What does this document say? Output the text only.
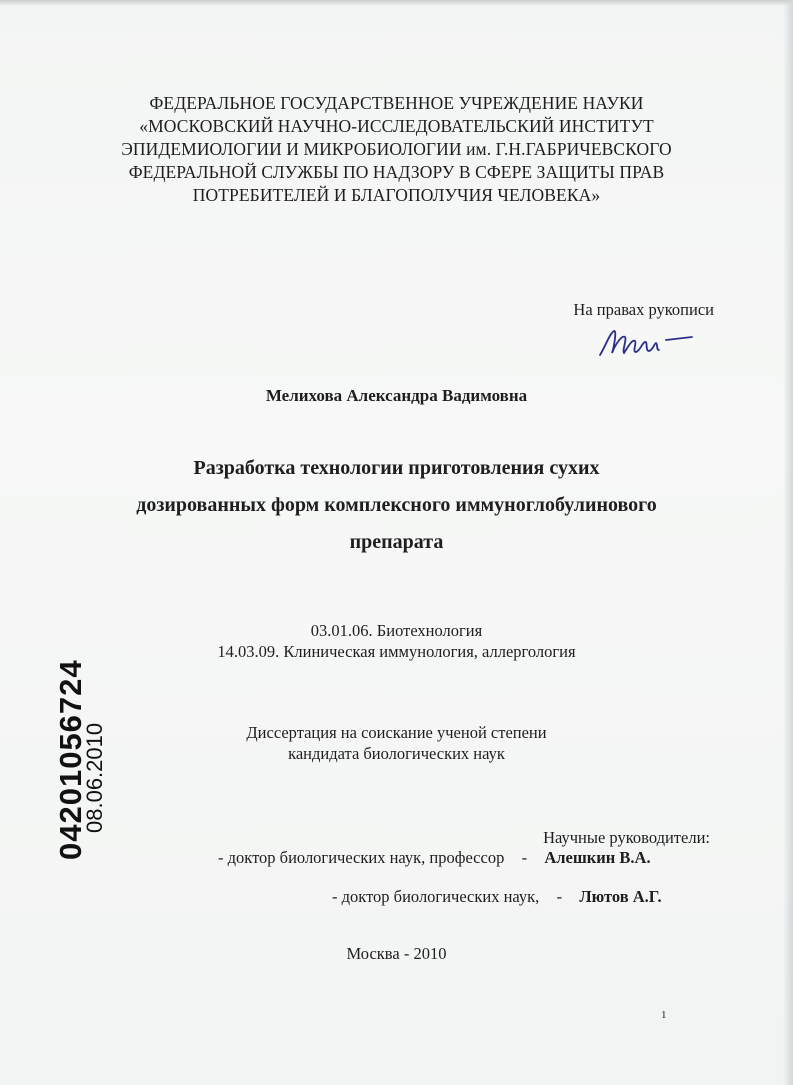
ФЕДЕРАЛЬНОЕ ГОСУДАРСТВЕННОЕ УЧРЕЖДЕНИЕ НАУКИ
«МОСКОВСКИЙ НАУЧНО-ИССЛЕДОВАТЕЛЬСКИЙ ИНСТИТУТ
ЭПИДЕМИОЛОГИИ И МИКРОБИОЛОГИИ им. Г.Н.ГАБРИЧЕВСКОГО
ФЕДЕРАЛЬНОЙ СЛУЖБЫ ПО НАДЗОРУ В СФЕРЕ ЗАЩИТЫ ПРАВ
ПОТРЕБИТЕЛЕЙ И БЛАГОПОЛУЧИЯ ЧЕЛОВЕКА»
На правах рукописи
Мелихова Александра Вадимовна
Разработка технологии приготовления сухих
дозированных форм комплексного иммуноглобулинового
препарата
03.01.06. Биотехнология
14.03.09. Клиническая иммунология, аллергология
Диссертация на соискание ученой степени
кандидата биологических наук
Научные руководители:
- доктор биологических наук, профессор - Алешкин В.А.
- доктор биологических наук, - Лютов А.Г.
Москва - 2010
1
04201056724
08.06.2010
